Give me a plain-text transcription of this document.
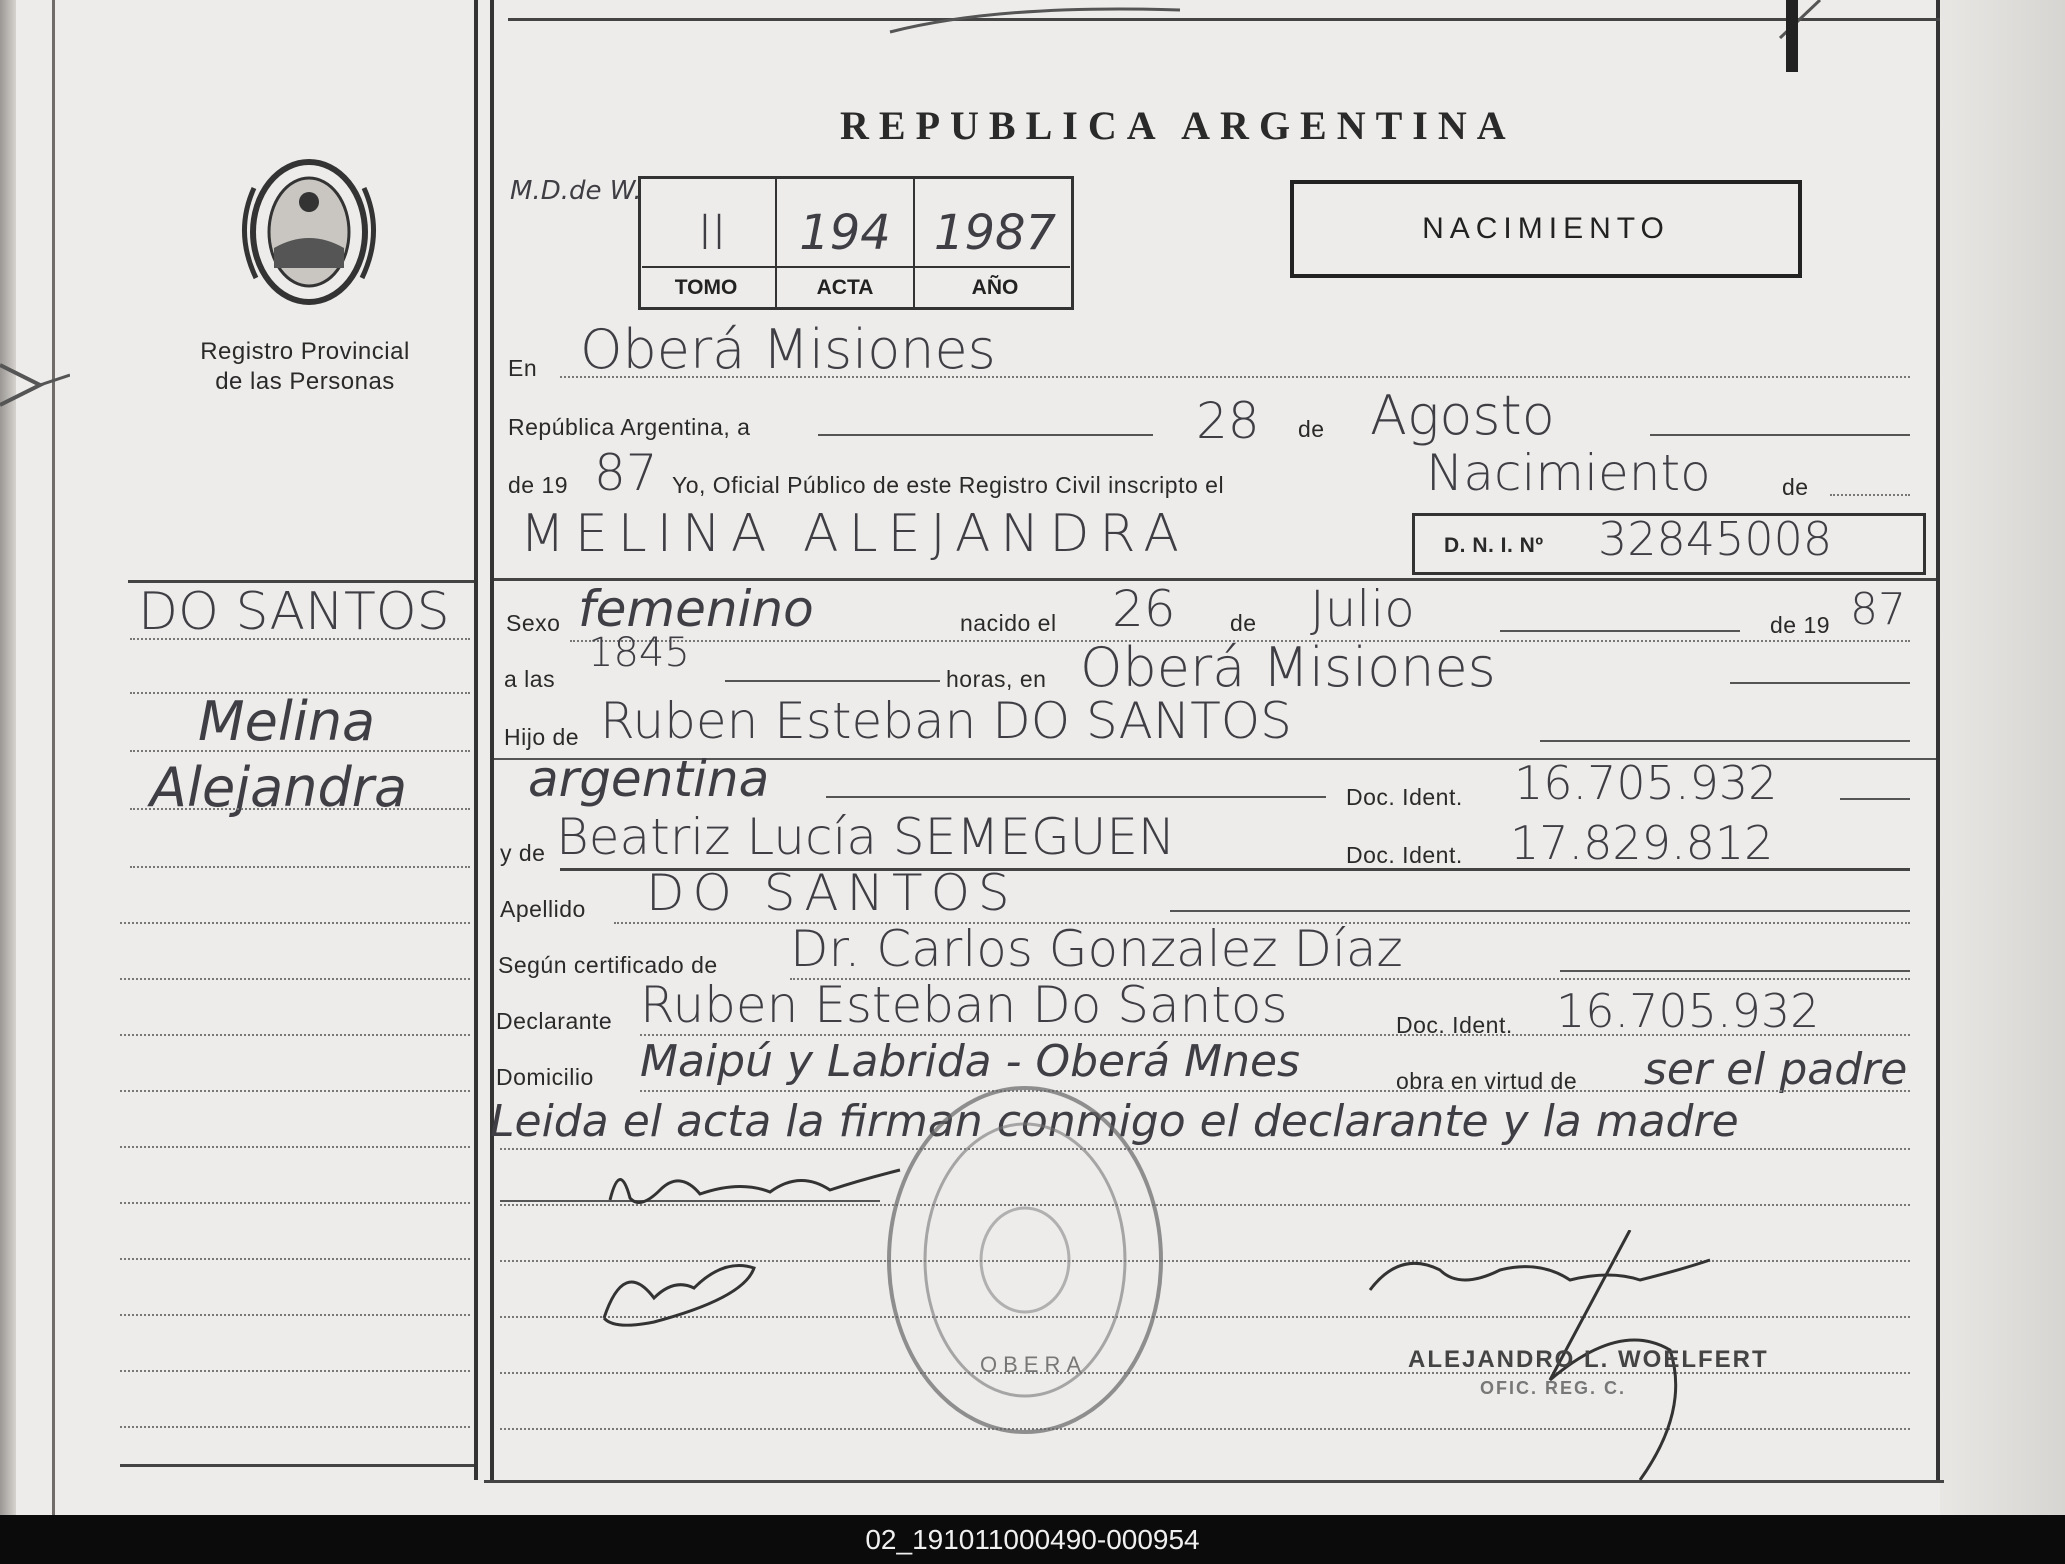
Registro Provincial
de las Personas
DO SANTOS
Melina
Alejandra
REPUBLICA ARGENTINA
M.D.de W.
II	194 1987
TOMO	ACTA	AÑO
NACIMIENTO
En Oberá Misiones
República Argentina, a	28 de Agosto
de 19 87 Yo, Oficial Público de este Registro Civil inscripto el	Nacimiento	de
MELINA ALEJANDRA	D. N. I. Nº 32845008
Sexo femenino	nacido el 26 de Julio	de 19 87
a las
1845
horas, en Oberá Misiones
Hijo de Ruben Esteban DO SANTOS
argentina	Doc. Ident. 16.705.932
y de Beatriz Lucía SEMEGUEN	Doc. Ident. 17.829.812
Apellido DO SANTOS
Según certificado de Dr. Carlos Gonzalez Díaz
Declarante Ruben Esteban Do Santos	Doc. Ident. 16.705.932
Domicilio Maipú y Labrida - Oberá Mnes	obra en virtud de ser el padre
Leida el acta la firman conmigo el declarante y la madre
ALEJANDRO L. WOELFERT
OFIC. REG. C.
OBERA
02_191011000490-000954
